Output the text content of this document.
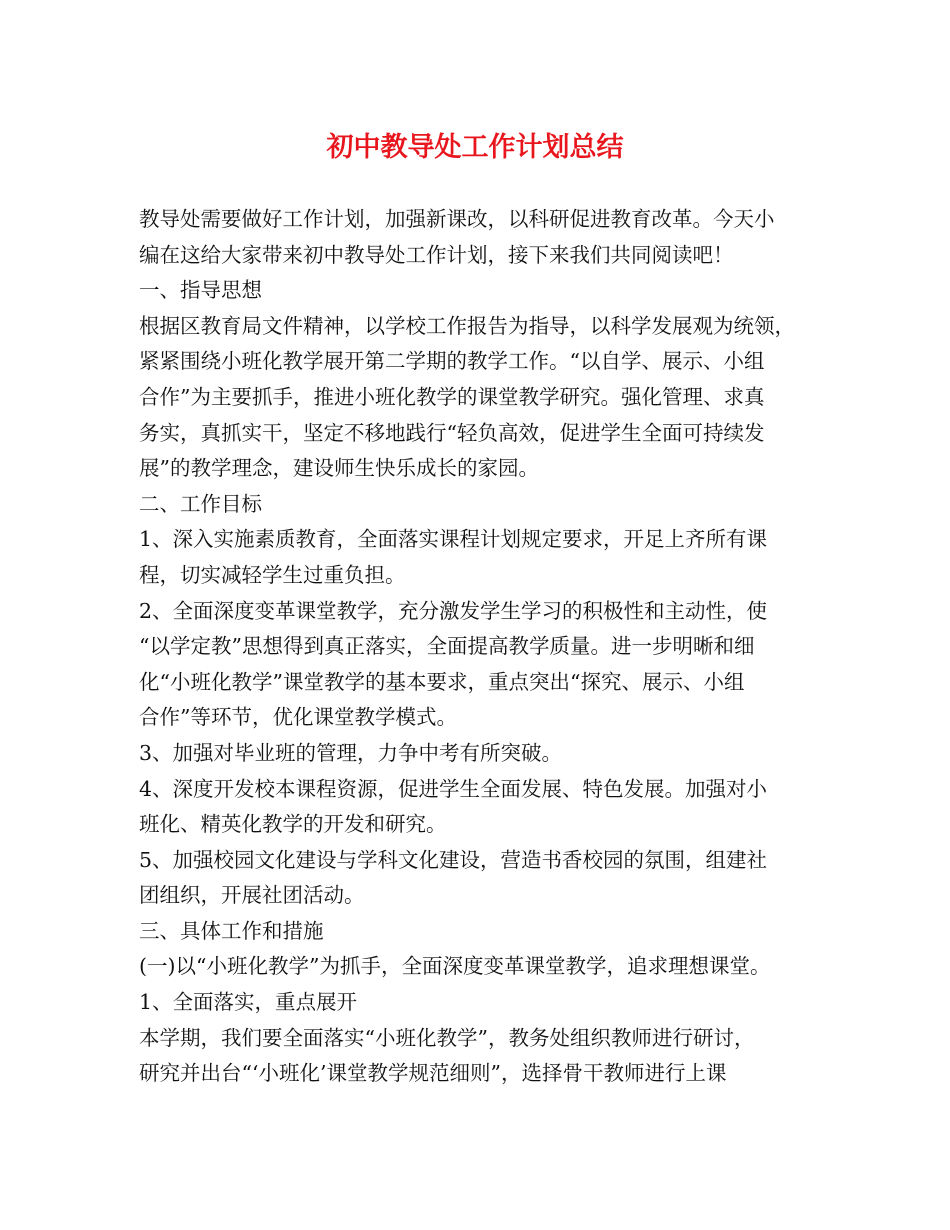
初中教导处工作计划总结
教导处需要做好工作计划，加强新课改，以科研促进教育改革。今天小
编在这给大家带来初中教导处工作计划，接下来我们共同阅读吧！
一、指导思想
根据区教育局文件精神，以学校工作报告为指导，以科学发展观为统领，
紧紧围绕小班化教学展开第二学期的教学工作。“以自学、展示、小组
合作”为主要抓手，推进小班化教学的课堂教学研究。强化管理、求真
务实，真抓实干，坚定不移地践行“轻负高效，促进学生全面可持续发
展”的教学理念，建设师生快乐成长的家园。
二、工作目标
1、深入实施素质教育，全面落实课程计划规定要求，开足上齐所有课
程，切实减轻学生过重负担。
2、全面深度变革课堂教学，充分激发学生学习的积极性和主动性，使
“以学定教”思想得到真正落实，全面提高教学质量。进一步明晰和细
化“小班化教学”课堂教学的基本要求，重点突出“探究、展示、小组
合作”等环节，优化课堂教学模式。
3、加强对毕业班的管理，力争中考有所突破。
4、深度开发校本课程资源，促进学生全面发展、特色发展。加强对小
班化、精英化教学的开发和研究。
5、加强校园文化建设与学科文化建设，营造书香校园的氛围，组建社
团组织，开展社团活动。
三、具体工作和措施
(一)以“小班化教学”为抓手，全面深度变革课堂教学，追求理想课堂。
1、全面落实，重点展开
本学期，我们要全面落实“小班化教学”，教务处组织教师进行研讨，
研究并出台“‘小班化’课堂教学规范细则”，选择骨干教师进行上课
